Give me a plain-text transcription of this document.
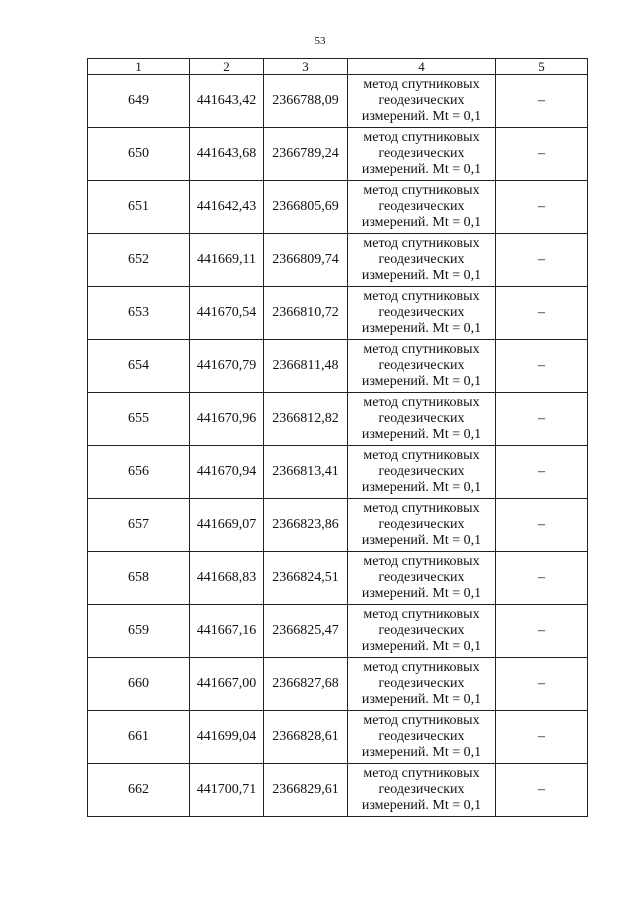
53
1	2	3	4	5
649	441643,42	2366788,09	метод спутниковых
геодезических
измерений. Mt = 0,1	–
650	441643,68	2366789,24	метод спутниковых
геодезических
измерений. Mt = 0,1	–
651	441642,43	2366805,69	метод спутниковых
геодезических
измерений. Mt = 0,1	–
652	441669,11	2366809,74	метод спутниковых
геодезических
измерений. Mt = 0,1	–
653	441670,54	2366810,72	метод спутниковых
геодезических
измерений. Mt = 0,1	–
654	441670,79	2366811,48	метод спутниковых
геодезических
измерений. Mt = 0,1	–
655	441670,96	2366812,82	метод спутниковых
геодезических
измерений. Mt = 0,1	–
656	441670,94	2366813,41	метод спутниковых
геодезических
измерений. Mt = 0,1	–
657	441669,07	2366823,86	метод спутниковых
геодезических
измерений. Mt = 0,1	–
658	441668,83	2366824,51	метод спутниковых
геодезических
измерений. Mt = 0,1	–
659	441667,16	2366825,47	метод спутниковых
геодезических
измерений. Mt = 0,1	–
660	441667,00	2366827,68	метод спутниковых
геодезических
измерений. Mt = 0,1	–
661	441699,04	2366828,61	метод спутниковых
геодезических
измерений. Mt = 0,1	–
662	441700,71	2366829,61	метод спутниковых
геодезических
измерений. Mt = 0,1	–
